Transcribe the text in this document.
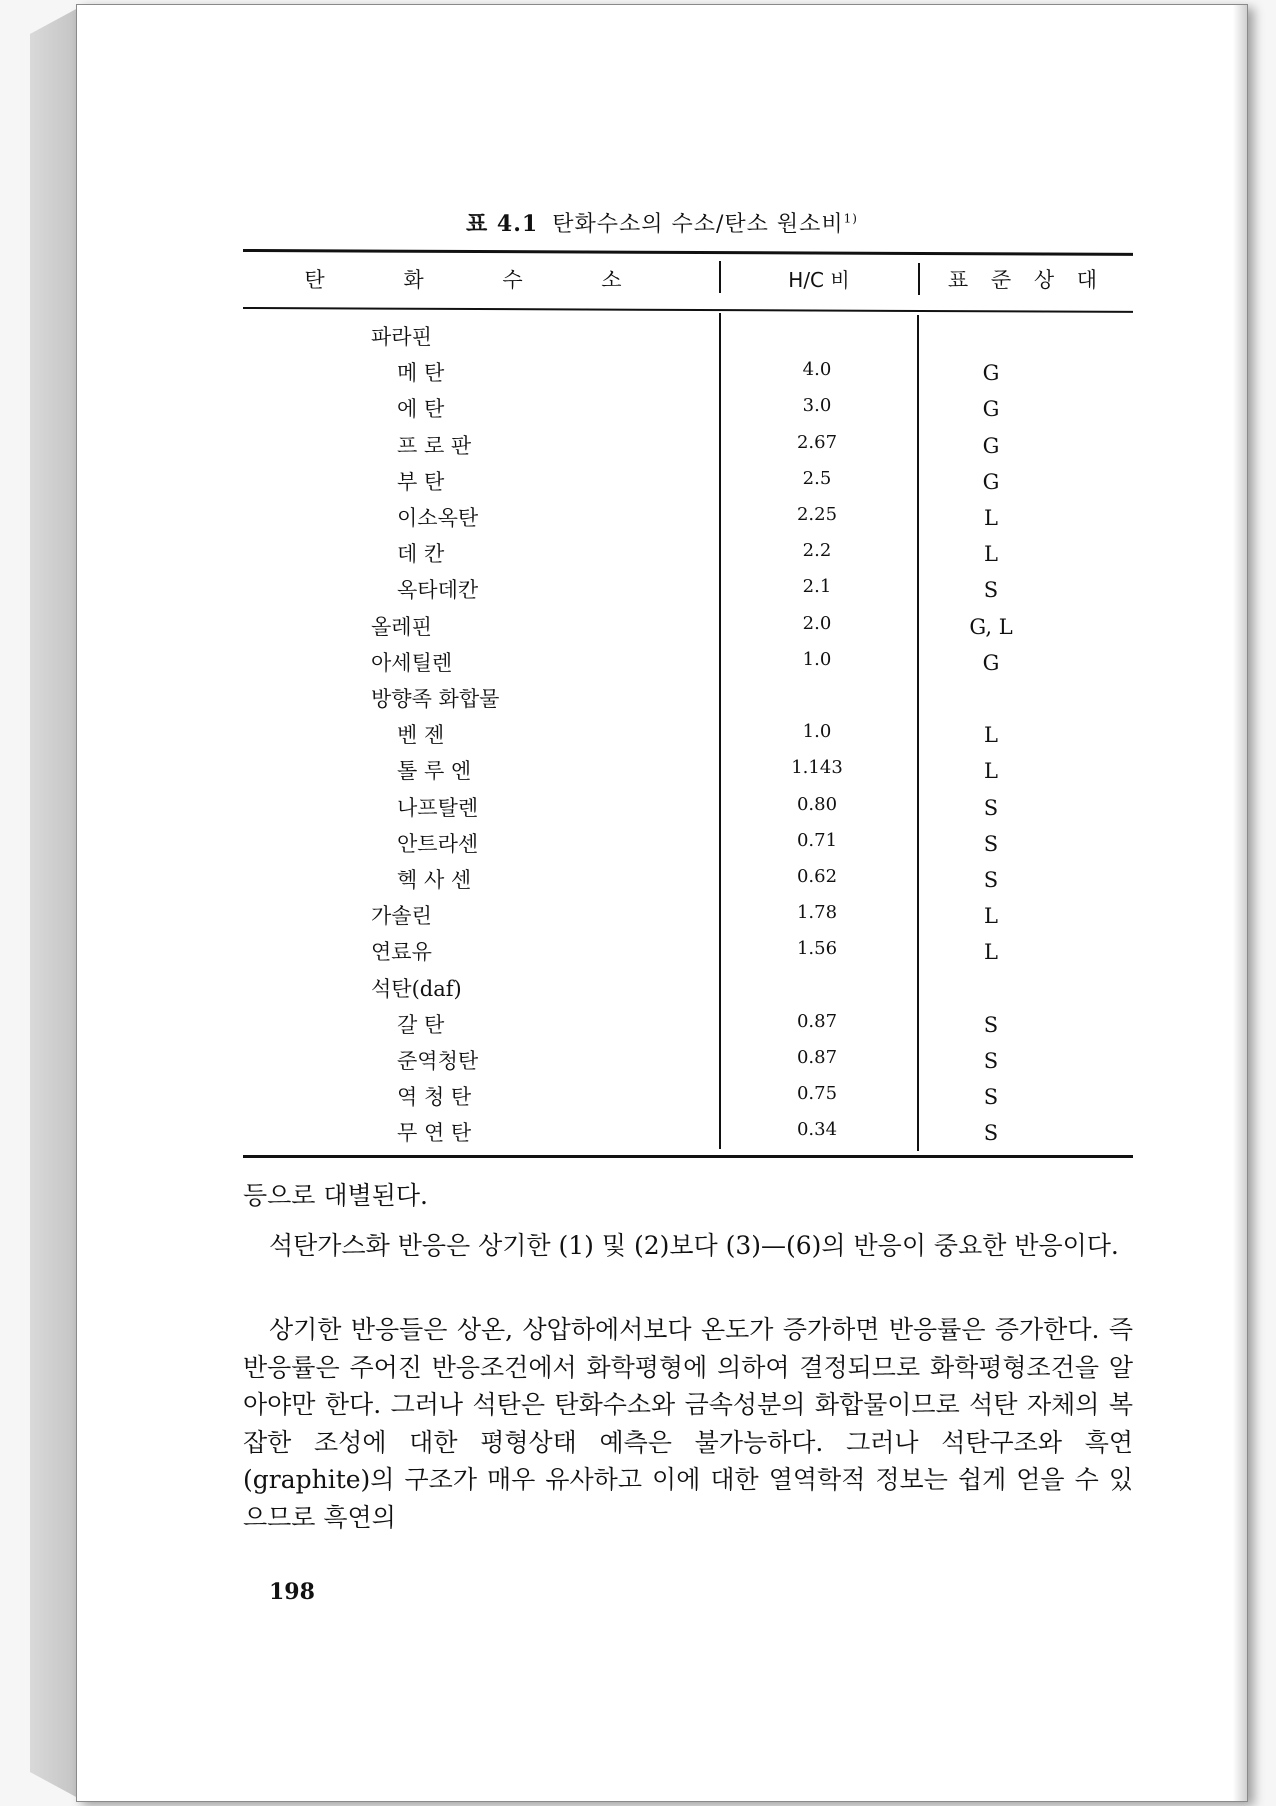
표 4.1 탄화수소의 수소/탄소 원소비$^{1)}$
탄 화 수 소	H/C 비	표 준 상 대
파라핀
메 탄	4.0	G
에 탄	3.0	G
프 로 판	2.67	G
부 탄	2.5	G
이소옥탄	2.25	L
데 칸	2.2	L
옥타데칸	2.1	S
올레핀	2.0	G, L
아세틸렌	1.0	G
방향족 화합물
벤 젠	1.0	L
톨 루 엔	1.143	L
나프탈렌	0.80	S
안트라센	0.71	S
헥 사 센	0.62	S
가솔린	1.78	L
연료유	1.56	L
석탄(daf)
갈 탄	0.87	S
준역청탄	0.87	S
역 청 탄	0.75	S
무 연 탄	0.34	S

등으로 대별된다.

석탄가스화 반응은 상기한 (1) 및 (2)보다 (3)—(6)의 반응이 중요한 반응이다.

상기한 반응들은 상온, 상압하에서보다 온도가 증가하면 반응률은 증가한다. 즉 반응률은 주어진 반응조건에서 화학평형에 의하여 결정되므로 화학평형조건을 알아야만 한다. 그러나 석탄은 탄화수소와 금속성분의 화합물이므로 석탄 자체의 복잡한 조성에 대한 평형상태 예측은 불가능하다. 그러나 석탄구조와 흑연(graphite)의 구조가 매우 유사하고 이에 대한 열역학적 정보는 쉽게 얻을 수 있으므로 흑연의

198
